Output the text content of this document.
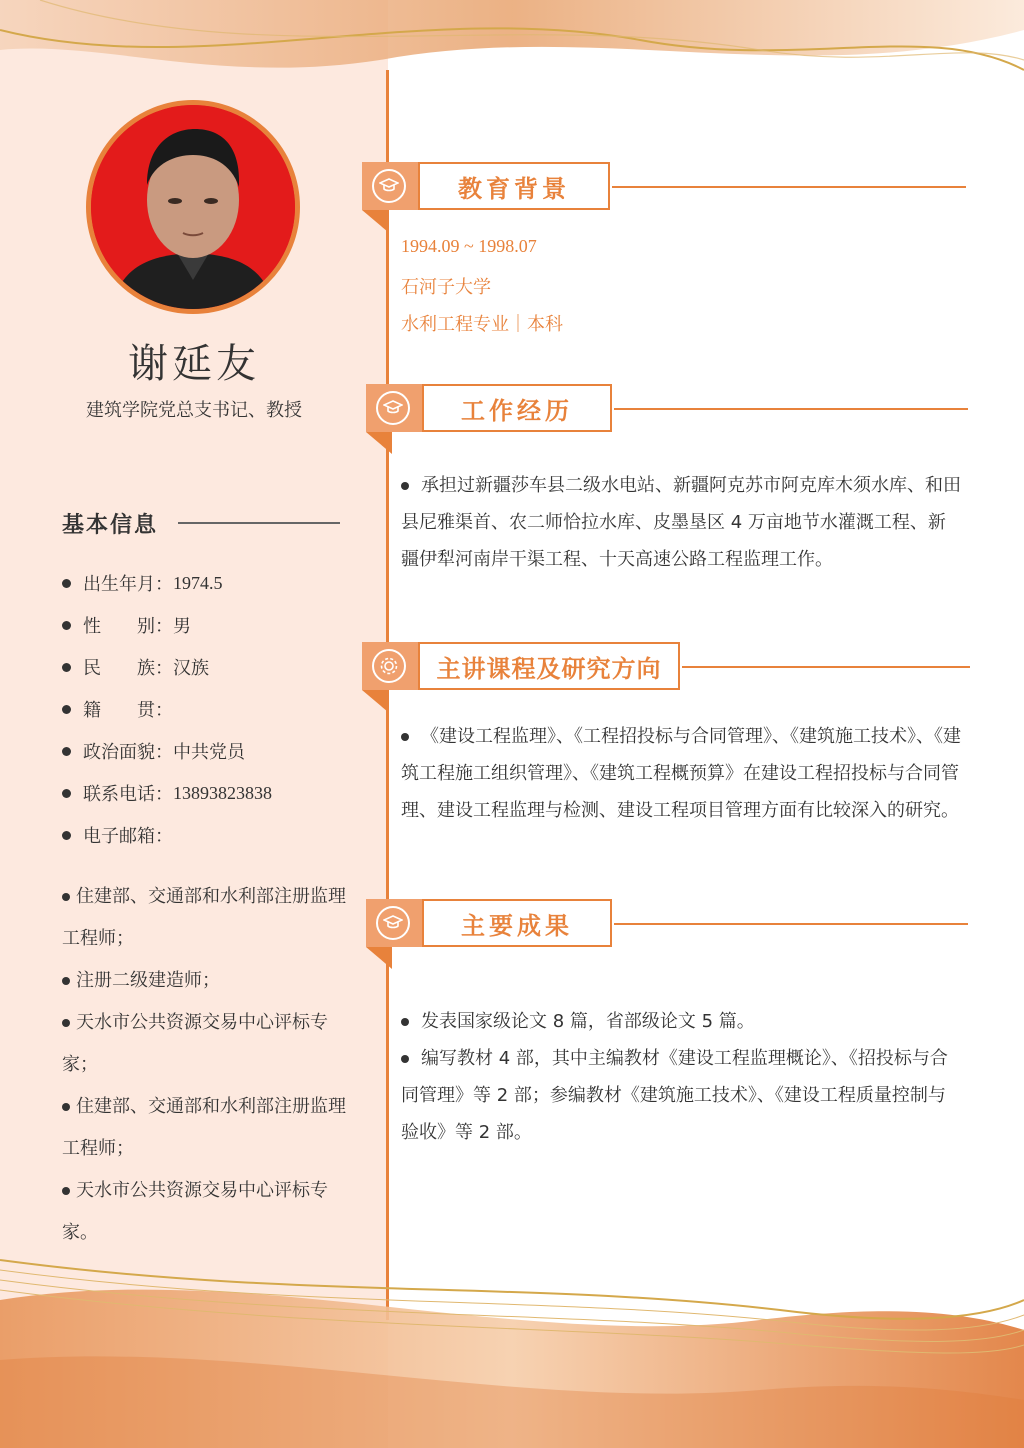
谢延友
建筑学院党总支书记、教授
基本信息
出生年月： 1974.5
性　　别： 男
民　　族： 汉族
籍　　贯：
政治面貌： 中共党员
联系电话： 13893823838
电子邮箱：
住建部、交通部和水利部注册监理工程师；
注册二级建造师；
天水市公共资源交易中心评标专家；
住建部、交通部和水利部注册监理工程师；
天水市公共资源交易中心评标专家。
教育背景
1994.09 ~ 1998.07
石河子大学
水利工程专业｜本科
工作经历
承担过新疆莎车县二级水电站、新疆阿克苏市阿克库木须水库、和田县尼雅渠首、农二师恰拉水库、皮墨垦区 4 万亩地节水灌溉工程、新疆伊犁河南岸干渠工程、十天高速公路工程监理工作。
主讲课程及研究方向
《建设工程监理》、《工程招投标与合同管理》、《建筑施工技术》、《建筑工程施工组织管理》、《建筑工程概预算》在建设工程招投标与合同管理、建设工程监理与检测、建设工程项目管理方面有比较深入的研究。
主要成果
发表国家级论文 8 篇，省部级论文 5 篇。
编写教材 4 部，其中主编教材《建设工程监理概论》、《招投标与合同管理》等 2 部；参编教材《建筑施工技术》、《建设工程质量控制与验收》等 2 部。
